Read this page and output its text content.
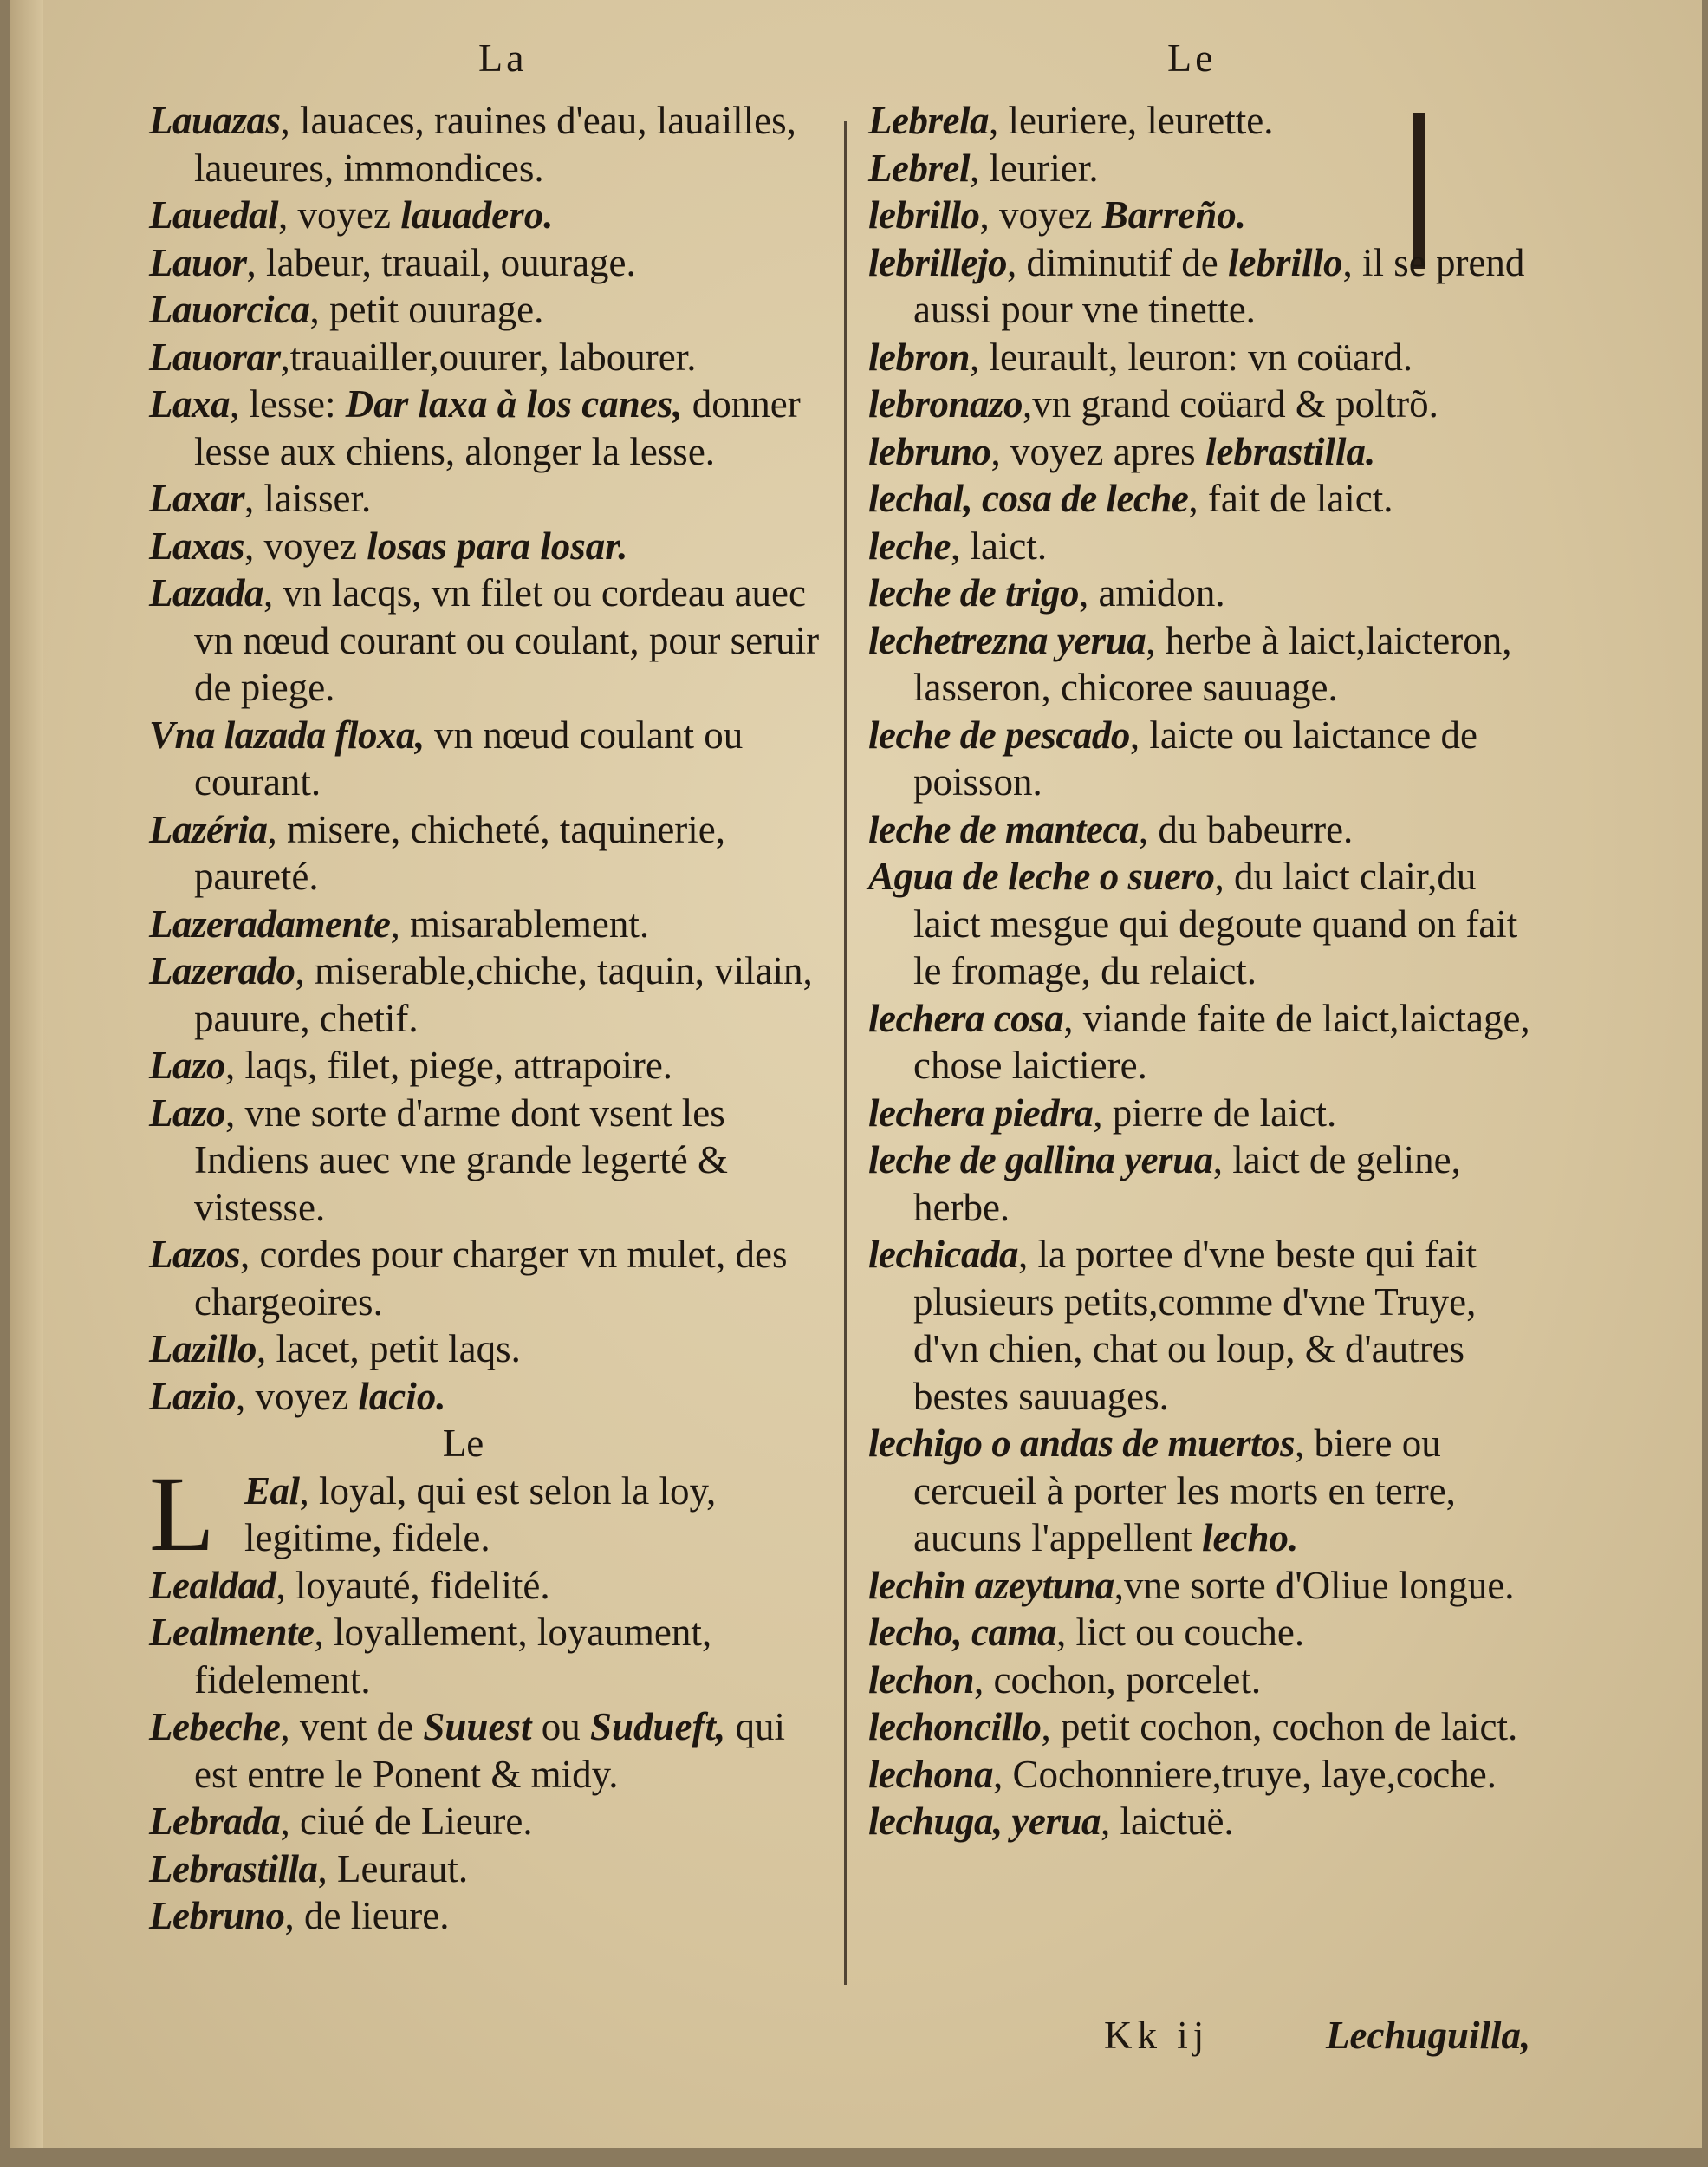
La	Le
Lauazas, lauaces, rauines d'eau, lauailles, laueures, immondices.
Lauedal, voyez lauadero.
Lauor, labeur, trauail, ouurage.
Lauorcica, petit ouurage.
Lauorar,trauailler,ouurer, labourer.
Laxa, lesse: Dar laxa à los canes, donner lesse aux chiens, alonger la lesse.
Laxar, laisser.
Laxas, voyez losas para losar.
Lazada, vn lacqs, vn filet ou cordeau auec vn nœud courant ou coulant, pour seruir de piege.
Vna lazada floxa, vn nœud coulant ou courant.
Lazéria, misere, chicheté, taquinerie, paureté.
Lazeradamente, misarablement.
Lazerado, miserable,chiche, taquin, vilain, pauure, chetif.
Lazo, laqs, filet, piege, attrapoire.
Lazo, vne sorte d'arme dont vsent les Indiens auec vne grande legerté & vistesse.
Lazos, cordes pour charger vn mulet, des chargeoires.
Lazillo, lacet, petit laqs.
Lazio, voyez lacio.
Le
L Eal, loyal, qui est selon la loy, legitime, fidele.
Lealdad, loyauté, fidelité.
Lealmente, loyallement, loyaument, fidelement.
Lebeche, vent de Suuest ou Sudueft, qui est entre le Ponent & midy.
Lebrada, ciué de Lieure.
Lebrastilla, Leuraut.
Lebruno, de lieure.
Lebrela, leuriere, leurette.
Lebrel, leurier.
lebrillo, voyez Barreño.
lebrillejo, diminutif de lebrillo, il se prend aussi pour vne tinette.
lebron, leurault, leuron: vn coüard.
lebronazo,vn grand coüard & poltrõ.
lebruno, voyez apres lebrastilla.
lechal, cosa de leche, fait de laict.
leche, laict.
leche de trigo, amidon.
lechetrezna yerua, herbe à laict,laicteron, lasseron, chicoree sauuage.
leche de pescado, laicte ou laictance de poisson.
leche de manteca, du babeurre.
Agua de leche o suero, du laict clair,du laict mesgue qui degoute quand on fait le fromage, du relaict.
lechera cosa, viande faite de laict,laictage, chose laictiere.
lechera piedra, pierre de laict.
leche de gallina yerua, laict de geline, herbe.
lechicada, la portee d'vne beste qui fait plusieurs petits,comme d'vne Truye, d'vn chien, chat ou loup, & d'autres bestes sauuages.
lechigo o andas de muertos, biere ou cercueil à porter les morts en terre, aucuns l'appellent lecho.
lechin azeytuna,vne sorte d'Oliue longue.
lecho, cama, lict ou couche.
lechon, cochon, porcelet.
lechoncillo, petit cochon, cochon de laict.
lechona, Cochonniere,truye, laye,coche.
lechuga, yerua, laictuë.
Kk ij	Lechuguilla,
